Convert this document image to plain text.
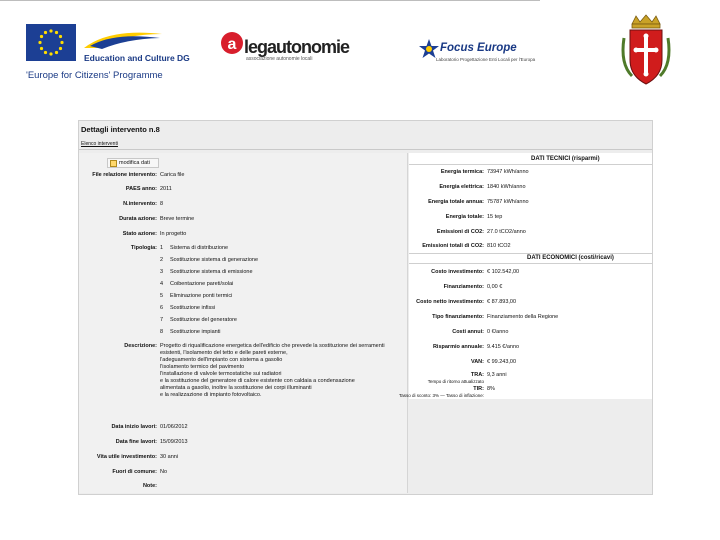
Education and Culture DG
'Europe for Citizens' Programme
a legautonomie
associazione autonomie locali
Focus Europe
Laboratorio Progettazione Enti Locali per l'Europa
Dettagli intervento n.8
Elenco interventi
modifica dati
File relazione intervento: Carica file
PAES anno: 2011
N.intervento: 8
Durata azione: Breve termine
Stato azione: In progetto
Tipologia: 1 Sistema di distribuzione
2 Sostituzione sistema di generazione
3 Sostituzione sistema di emissione
4 Coibentazione pareti/solai
5 Eliminazione ponti termici
6 Sostituzione infissi
7 Sostituzione del generatore
8 Sostituzione impianti
Descrizione: Progetto di riqualificazione energetica dell'edificio che prevede la sostituzione dei serramenti
esistenti, l'isolamento del tetto e delle pareti esterne,
l'adeguamento dell'impianto con sistema a gasolio
l'isolamento termico del pavimento
l'installazione di valvole termostatiche sui radiatori
e la sostituzione del generatore di calore esistente con caldaia a condensazione
alimentata a gasolio, inoltre la sostituzione dei corpi illuminanti
e la realizzazione di impianto fotovoltaico.
Data inizio lavori: 01/06/2012
Data fine lavori: 15/09/2013
Vita utile investimento: 30 anni
Fuori di comune: No
Note:
DATI TECNICI (risparmi)
Energia termica: 73947 kWh/anno
Energia elettrica: 1840 kWh/anno
Energia totale annua: 75787 kWh/anno
Energia totale: 15 tep
Emissioni di CO2: 27.0 tCO2/anno
Emissioni totali di CO2: 810 tCO2
DATI ECONOMICI (costi/ricavi)
Costo investimento: € 102.542,00
Finanziamento: 0,00 €
Costo netto investimento: € 87.893,00
Tipo finanziamento: Finanziamento della Regione
Costi annui: 0 €/anno
Risparmio annuale: 9.415 €/anno
VAN: € 99.243,00
TRA: 9,3 anni
Tempo di ritorno attualizzato
TIR: 8%
Tasso di sconto: 3% — Tasso di inflazione:
